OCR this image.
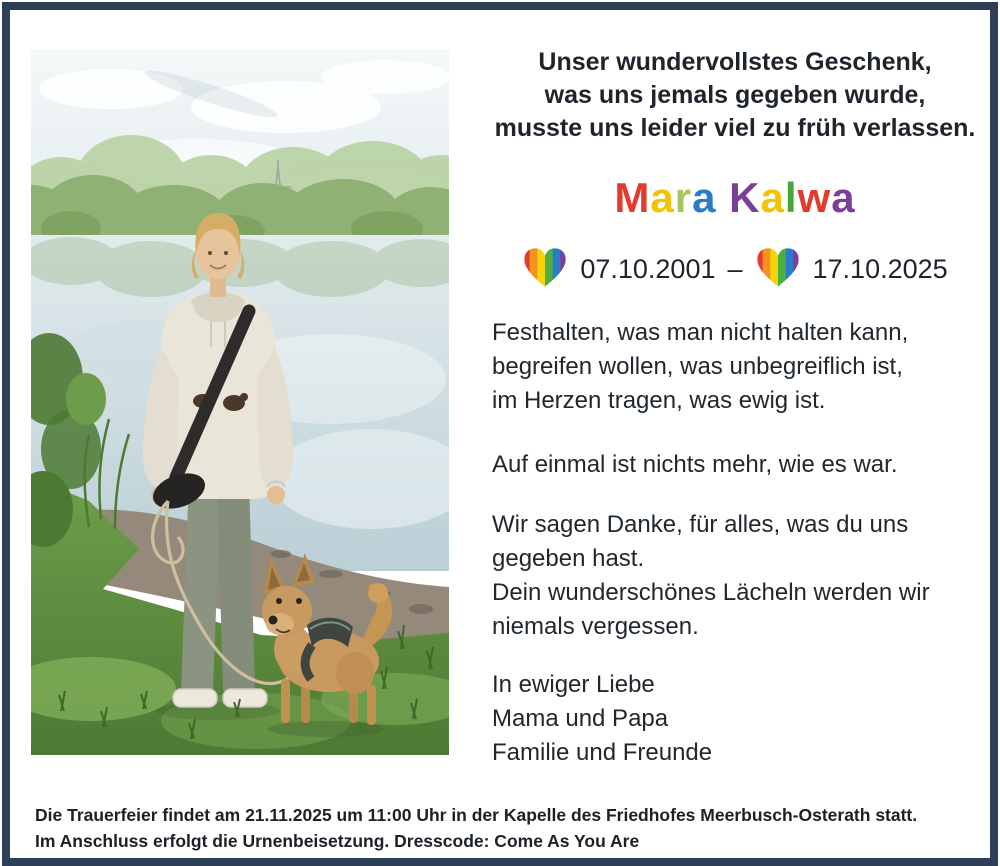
Unser wundervollstes Geschenk,
was uns jemals gegeben wurde,
musste uns leider viel zu früh verlassen.
Mara Kalwa
07.10.2001 –	17.10.2025
Festhalten, was man nicht halten kann,
begreifen wollen, was unbegreiflich ist,
im Herzen tragen, was ewig ist.
Auf einmal ist nichts mehr, wie es war.
Wir sagen Danke, für alles, was du uns
gegeben hast.
Dein wunderschönes Lächeln werden wir
niemals vergessen.
In ewiger Liebe
Mama und Papa
Familie und Freunde
Die Trauerfeier findet am 21.11.2025 um 11:00 Uhr in der Kapelle des Friedhofes Meerbusch-Osterath statt.
Im Anschluss erfolgt die Urnenbeisetzung. Dresscode: Come As You Are
